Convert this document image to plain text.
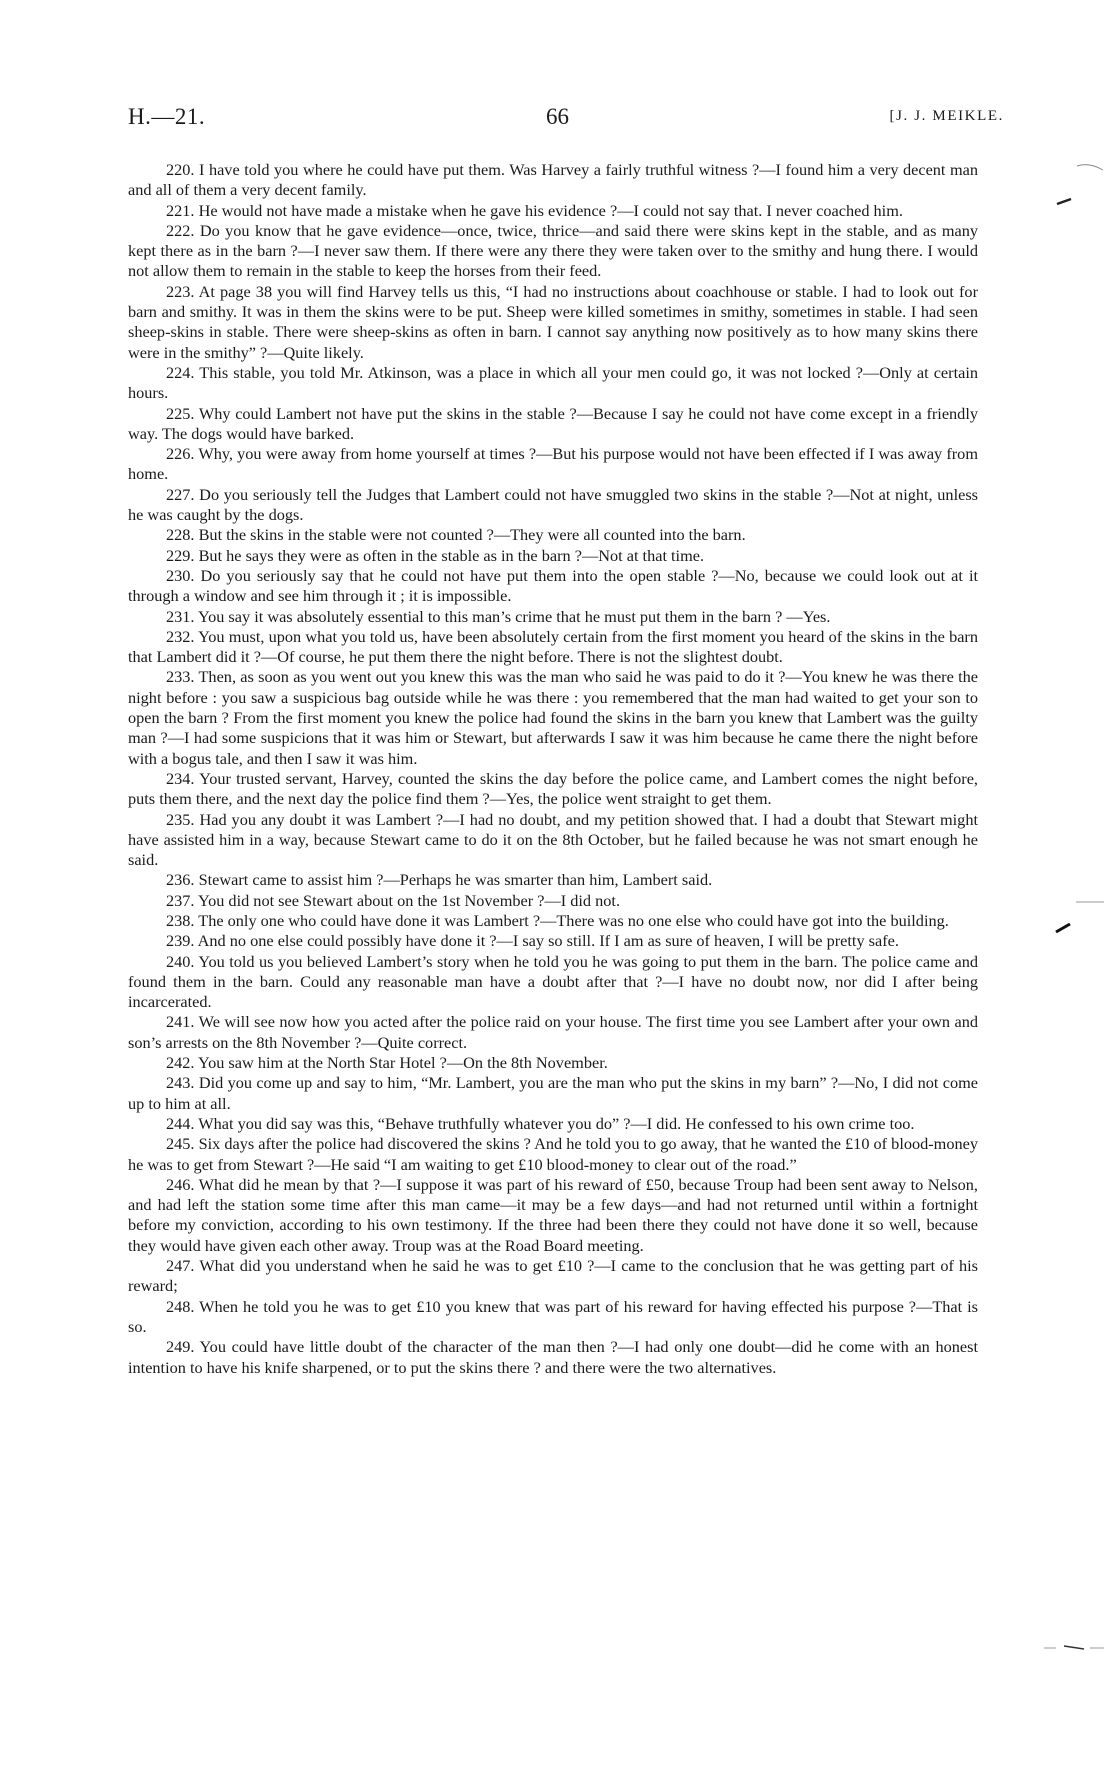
H.—21.	66	[J. J. MEIKLE.

220. I have told you where he could have put them. Was Harvey a fairly truthful witness ?—I found him a very decent man and all of them a very decent family.

221. He would not have made a mistake when he gave his evidence ?—I could not say that. I never coached him.

222. Do you know that he gave evidence—once, twice, thrice—and said there were skins kept in the stable, and as many kept there as in the barn ?—I never saw them. If there were any there they were taken over to the smithy and hung there. I would not allow them to remain in the stable to keep the horses from their feed.

223. At page 38 you will find Harvey tells us this, “I had no instructions about coachhouse or stable. I had to look out for barn and smithy. It was in them the skins were to be put. Sheep were killed sometimes in smithy, sometimes in stable. I had seen sheep-skins in stable. There were sheep-skins as often in barn. I cannot say anything now positively as to how many skins there were in the smithy” ?—Quite likely.

224. This stable, you told Mr. Atkinson, was a place in which all your men could go, it was not locked ?—Only at certain hours.

225. Why could Lambert not have put the skins in the stable ?—Because I say he could not have come except in a friendly way. The dogs would have barked.

226. Why, you were away from home yourself at times ?—But his purpose would not have been effected if I was away from home.

227. Do you seriously tell the Judges that Lambert could not have smuggled two skins in the stable ?—Not at night, unless he was caught by the dogs.

228. But the skins in the stable were not counted ?—They were all counted into the barn.

229. But he says they were as often in the stable as in the barn ?—Not at that time.

230. Do you seriously say that he could not have put them into the open stable ?—No, because we could look out at it through a window and see him through it ; it is impossible.

231. You say it was absolutely essential to this man’s crime that he must put them in the barn ? —Yes.

232. You must, upon what you told us, have been absolutely certain from the first moment you heard of the skins in the barn that Lambert did it ?—Of course, he put them there the night before. There is not the slightest doubt.

233. Then, as soon as you went out you knew this was the man who said he was paid to do it ?—You knew he was there the night before : you saw a suspicious bag outside while he was there : you remembered that the man had waited to get your son to open the barn ? From the first moment you knew the police had found the skins in the barn you knew that Lambert was the guilty man ?—I had some suspicions that it was him or Stewart, but afterwards I saw it was him because he came there the night before with a bogus tale, and then I saw it was him.

234. Your trusted servant, Harvey, counted the skins the day before the police came, and Lambert comes the night before, puts them there, and the next day the police find them ?—Yes, the police went straight to get them.

235. Had you any doubt it was Lambert ?—I had no doubt, and my petition showed that. I had a doubt that Stewart might have assisted him in a way, because Stewart came to do it on the 8th October, but he failed because he was not smart enough he said.

236. Stewart came to assist him ?—Perhaps he was smarter than him, Lambert said.

237. You did not see Stewart about on the 1st November ?—I did not.

238. The only one who could have done it was Lambert ?—There was no one else who could have got into the building.

239. And no one else could possibly have done it ?—I say so still. If I am as sure of heaven, I will be pretty safe.

240. You told us you believed Lambert’s story when he told you he was going to put them in the barn. The police came and found them in the barn. Could any reasonable man have a doubt after that ?—I have no doubt now, nor did I after being incarcerated.

241. We will see now how you acted after the police raid on your house. The first time you see Lambert after your own and son’s arrests on the 8th November ?—Quite correct.

242. You saw him at the North Star Hotel ?—On the 8th November.

243. Did you come up and say to him, “Mr. Lambert, you are the man who put the skins in my barn” ?—No, I did not come up to him at all.

244. What you did say was this, “Behave truthfully whatever you do” ?—I did. He confessed to his own crime too.

245. Six days after the police had discovered the skins ? And he told you to go away, that he wanted the £10 of blood-money he was to get from Stewart ?—He said “I am waiting to get £10 blood-money to clear out of the road.”

246. What did he mean by that ?—I suppose it was part of his reward of £50, because Troup had been sent away to Nelson, and had left the station some time after this man came—it may be a few days—and had not returned until within a fortnight before my conviction, according to his own testimony. If the three had been there they could not have done it so well, because they would have given each other away. Troup was at the Road Board meeting.

247. What did you understand when he said he was to get £10 ?—I came to the conclusion that he was getting part of his reward;

248. When he told you he was to get £10 you knew that was part of his reward for having effected his purpose ?—That is so.

249. You could have little doubt of the character of the man then ?—I had only one doubt—did he come with an honest intention to have his knife sharpened, or to put the skins there ? and there were the two alternatives.
